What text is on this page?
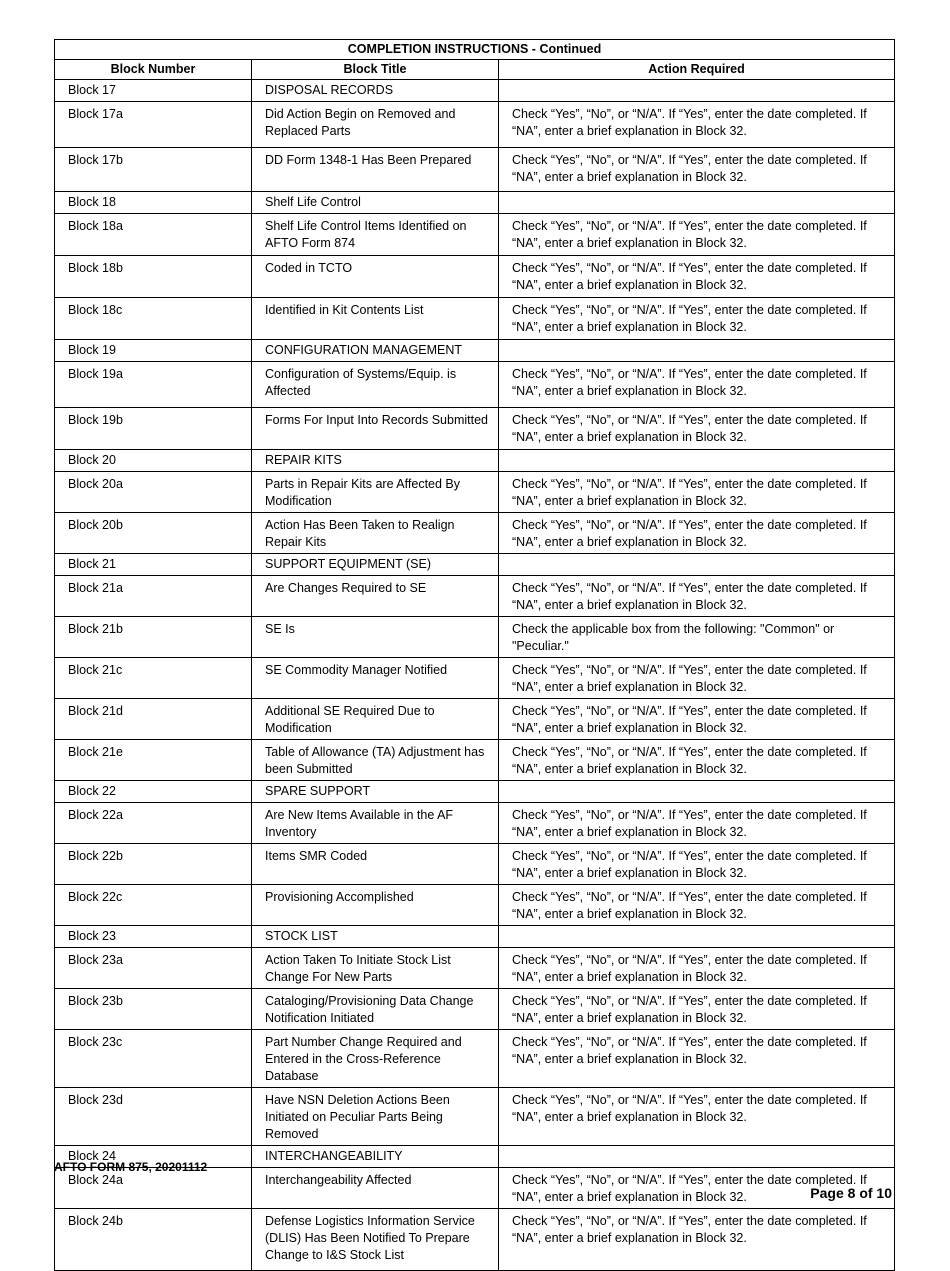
COMPLETION INSTRUCTIONS - Continued		
Block Number	Block Title	Action Required
Block 17	DISPOSAL RECORDS	
Block 17a	Did Action Begin on Removed and Replaced Parts	Check “Yes”, “No”, or “N/A”. If “Yes”, enter the date completed. If “NA”, enter a brief explanation in Block 32.
Block 17b	DD Form 1348-1 Has Been Prepared	Check “Yes”, “No”, or “N/A”. If “Yes”, enter the date completed. If “NA”, enter a brief explanation in Block 32.
Block 18	Shelf Life Control	
Block 18a	Shelf Life Control Items Identified on AFTO Form 874	Check “Yes”, “No”, or “N/A”. If “Yes”, enter the date completed. If “NA”, enter a brief explanation in Block 32.
Block 18b	Coded in TCTO	Check “Yes”, “No”, or “N/A”. If “Yes”, enter the date completed. If “NA”, enter a brief explanation in Block 32.
Block 18c	Identified in Kit Contents List	Check “Yes”, “No”, or “N/A”. If “Yes”, enter the date completed. If “NA”, enter a brief explanation in Block 32.
Block 19	CONFIGURATION MANAGEMENT	
Block 19a	Configuration of Systems/Equip. is Affected	Check “Yes”, “No”, or “N/A”. If “Yes”, enter the date completed. If “NA”, enter a brief explanation in Block 32.
Block 19b	Forms For Input Into Records Submitted	Check “Yes”, “No”, or “N/A”. If “Yes”, enter the date completed. If “NA”, enter a brief explanation in Block 32.
Block 20	REPAIR KITS	
Block 20a	Parts in Repair Kits are Affected By Modification	Check “Yes”, “No”, or “N/A”. If “Yes”, enter the date completed. If “NA”, enter a brief explanation in Block 32.
Block 20b	Action Has Been Taken to Realign Repair Kits	Check “Yes”, “No”, or “N/A”. If “Yes”, enter the date completed. If “NA”, enter a brief explanation in Block 32.
Block 21	SUPPORT EQUIPMENT (SE)	
Block 21a	Are Changes Required to SE	Check “Yes”, “No”, or “N/A”. If “Yes”, enter the date completed. If “NA”, enter a brief explanation in Block 32.
Block 21b	SE Is	Check the applicable box from the following: "Common" or "Peculiar."
Block 21c	SE Commodity Manager Notified	Check “Yes”, “No”, or “N/A”. If “Yes”, enter the date completed. If “NA”, enter a brief explanation in Block 32.
Block 21d	Additional SE Required Due to Modification	Check “Yes”, “No”, or “N/A”. If “Yes”, enter the date completed. If “NA”, enter a brief explanation in Block 32.
Block 21e	Table of Allowance (TA) Adjustment has been Submitted	Check “Yes”, “No”, or “N/A”. If “Yes”, enter the date completed. If “NA”, enter a brief explanation in Block 32.
Block 22	SPARE SUPPORT	
Block 22a	Are New Items Available in the AF Inventory	Check “Yes”, “No”, or “N/A”. If “Yes”, enter the date completed. If “NA”, enter a brief explanation in Block 32.
Block 22b	Items SMR Coded	Check “Yes”, “No”, or “N/A”. If “Yes”, enter the date completed. If “NA”, enter a brief explanation in Block 32.
Block 22c	Provisioning Accomplished	Check “Yes”, “No”, or “N/A”. If “Yes”, enter the date completed. If “NA”, enter a brief explanation in Block 32.
Block 23	STOCK LIST	
Block 23a	Action Taken To Initiate Stock List Change For New Parts	Check “Yes”, “No”, or “N/A”. If “Yes”, enter the date completed. If “NA”, enter a brief explanation in Block 32.
Block 23b	Cataloging/Provisioning Data Change Notification Initiated	Check “Yes”, “No”, or “N/A”. If “Yes”, enter the date completed. If “NA”, enter a brief explanation in Block 32.
Block 23c	Part Number Change Required and Entered in the Cross-Reference Database	Check “Yes”, “No”, or “N/A”. If “Yes”, enter the date completed. If “NA”, enter a brief explanation in Block 32.
Block 23d	Have NSN Deletion Actions Been Initiated on Peculiar Parts Being Removed	Check “Yes”, “No”, or “N/A”. If “Yes”, enter the date completed. If “NA”, enter a brief explanation in Block 32.
Block 24	INTERCHANGEABILITY	
Block 24a	Interchangeability Affected	Check “Yes”, “No”, or “N/A”. If “Yes”, enter the date completed. If “NA”, enter a brief explanation in Block 32.
Block 24b	Defense Logistics Information Service (DLIS) Has Been Notified To Prepare Change to I&S Stock List	Check “Yes”, “No”, or “N/A”. If “Yes”, enter the date completed. If “NA”, enter a brief explanation in Block 32.
AFTO FORM 875, 20201112
Page 8 of 10
